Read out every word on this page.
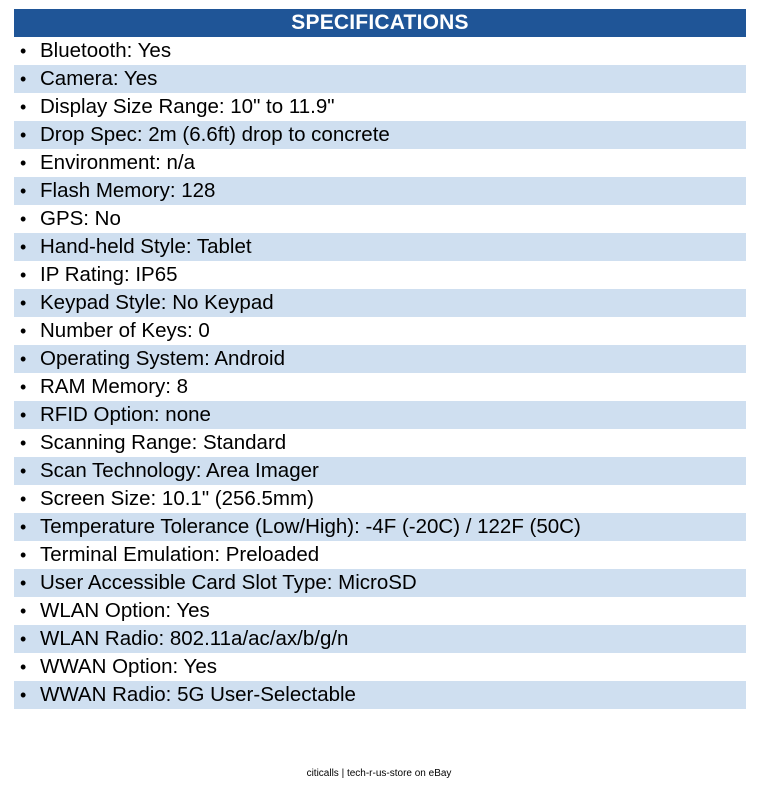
SPECIFICATIONS
• Bluetooth: Yes
• Camera: Yes
• Display Size Range: 10" to 11.9"
• Drop Spec: 2m (6.6ft) drop to concrete
• Environment: n/a
• Flash Memory: 128
• GPS: No
• Hand-held Style: Tablet
• IP Rating: IP65
• Keypad Style: No Keypad
• Number of Keys: 0
• Operating System: Android
• RAM Memory: 8
• RFID Option: none
• Scanning Range: Standard
• Scan Technology: Area Imager
• Screen Size: 10.1" (256.5mm)
• Temperature Tolerance (Low/High): -4F (-20C) / 122F (50C)
• Terminal Emulation: Preloaded
• User Accessible Card Slot Type: MicroSD
• WLAN Option: Yes
• WLAN Radio: 802.11a/ac/ax/b/g/n
• WWAN Option: Yes
• WWAN Radio: 5G User-Selectable
citicalls | tech-r-us-store on eBay
